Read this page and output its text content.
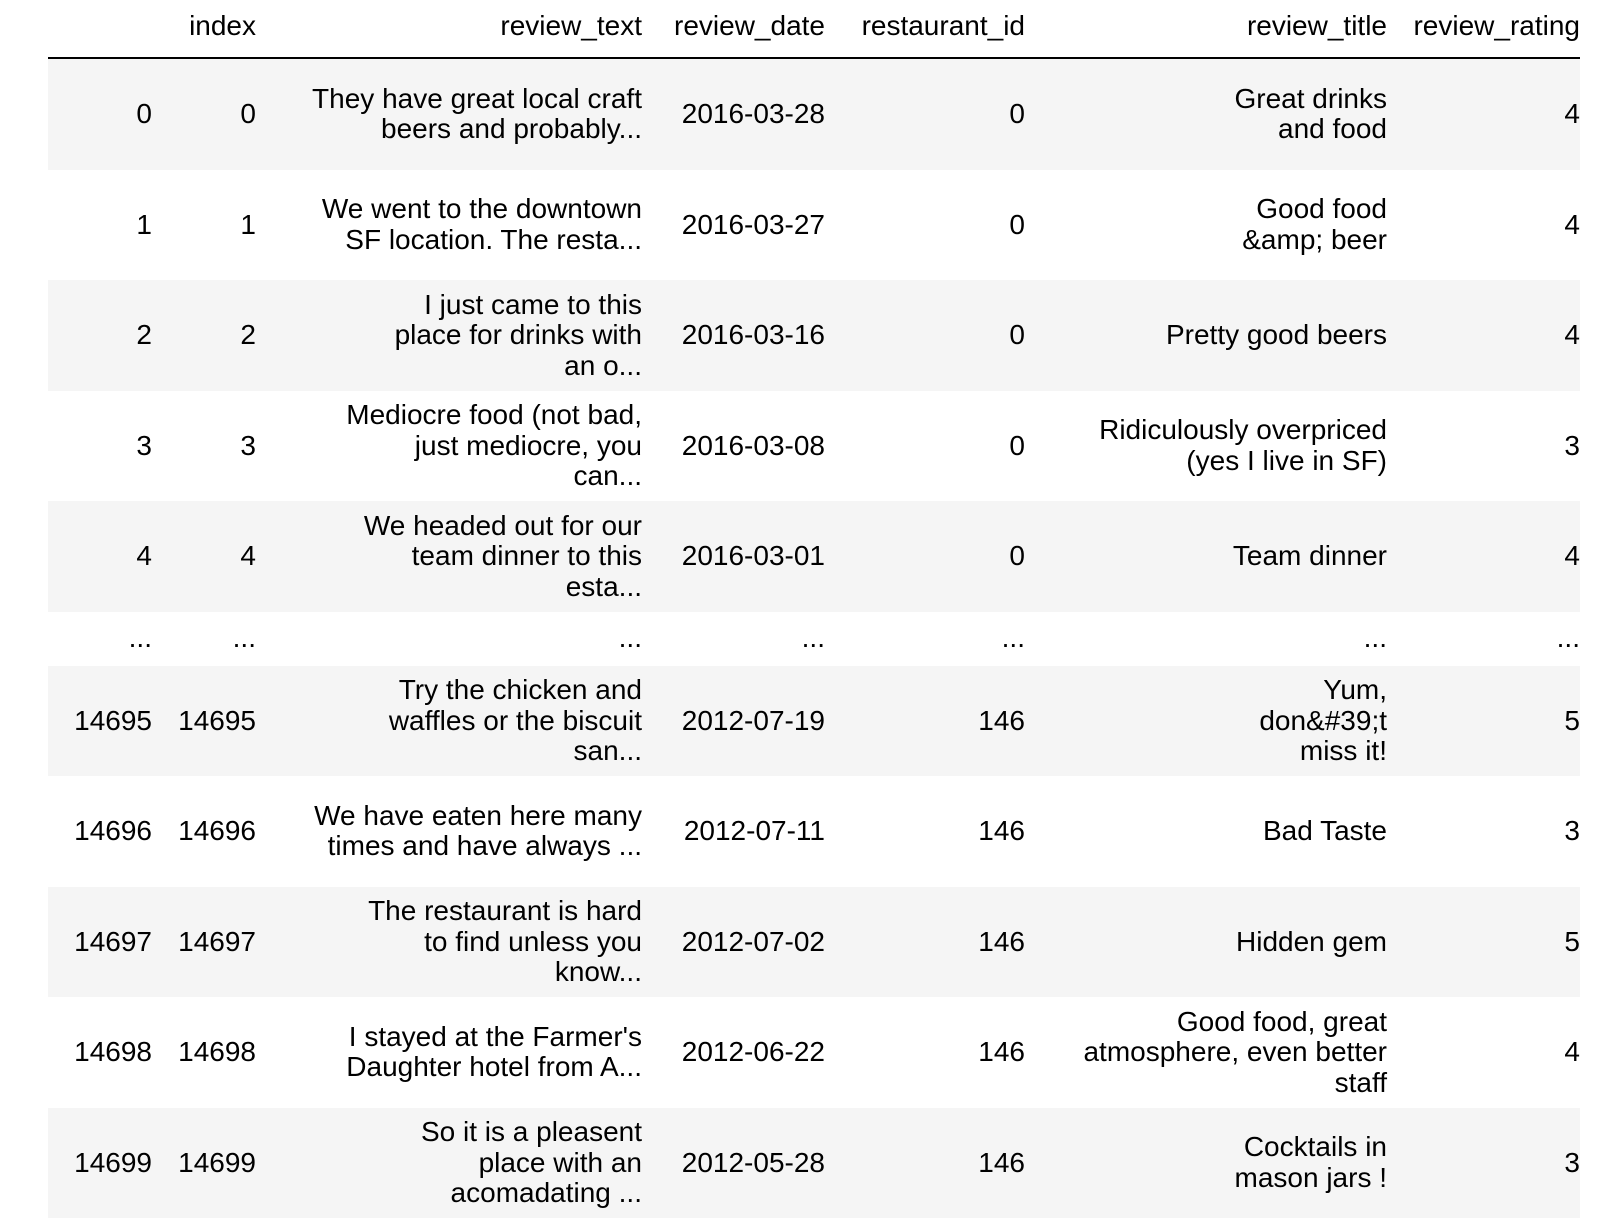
	index	review_text	review_date	restaurant_id	review_title	review_rating
0	0	They have great local craft beers and probably...	2016-03-28	0	Great drinks and food	4
1	1	We went to the downtown SF location. The resta...	2016-03-27	0	Good food &amp; beer	4
2	2	I just came to this place for drinks with an o...	2016-03-16	0	Pretty good beers	4
3	3	Mediocre food (not bad, just mediocre, you can...	2016-03-08	0	Ridiculously overpriced (yes I live in SF)	3
4	4	We headed out for our team dinner to this esta...	2016-03-01	0	Team dinner	4
...	...	...	...	...	...	...
14695	14695	Try the chicken and waffles or the biscuit san...	2012-07-19	146	Yum, don&#39;t miss it!	5
14696	14696	We have eaten here many times and have always ...	2012-07-11	146	Bad Taste	3
14697	14697	The restaurant is hard to find unless you know...	2012-07-02	146	Hidden gem	5
14698	14698	I stayed at the Farmer's Daughter hotel from A...	2012-06-22	146	Good food, great atmosphere, even better staff	4
14699	14699	So it is a pleasent place with an acomadating ...	2012-05-28	146	Cocktails in mason jars !	3
